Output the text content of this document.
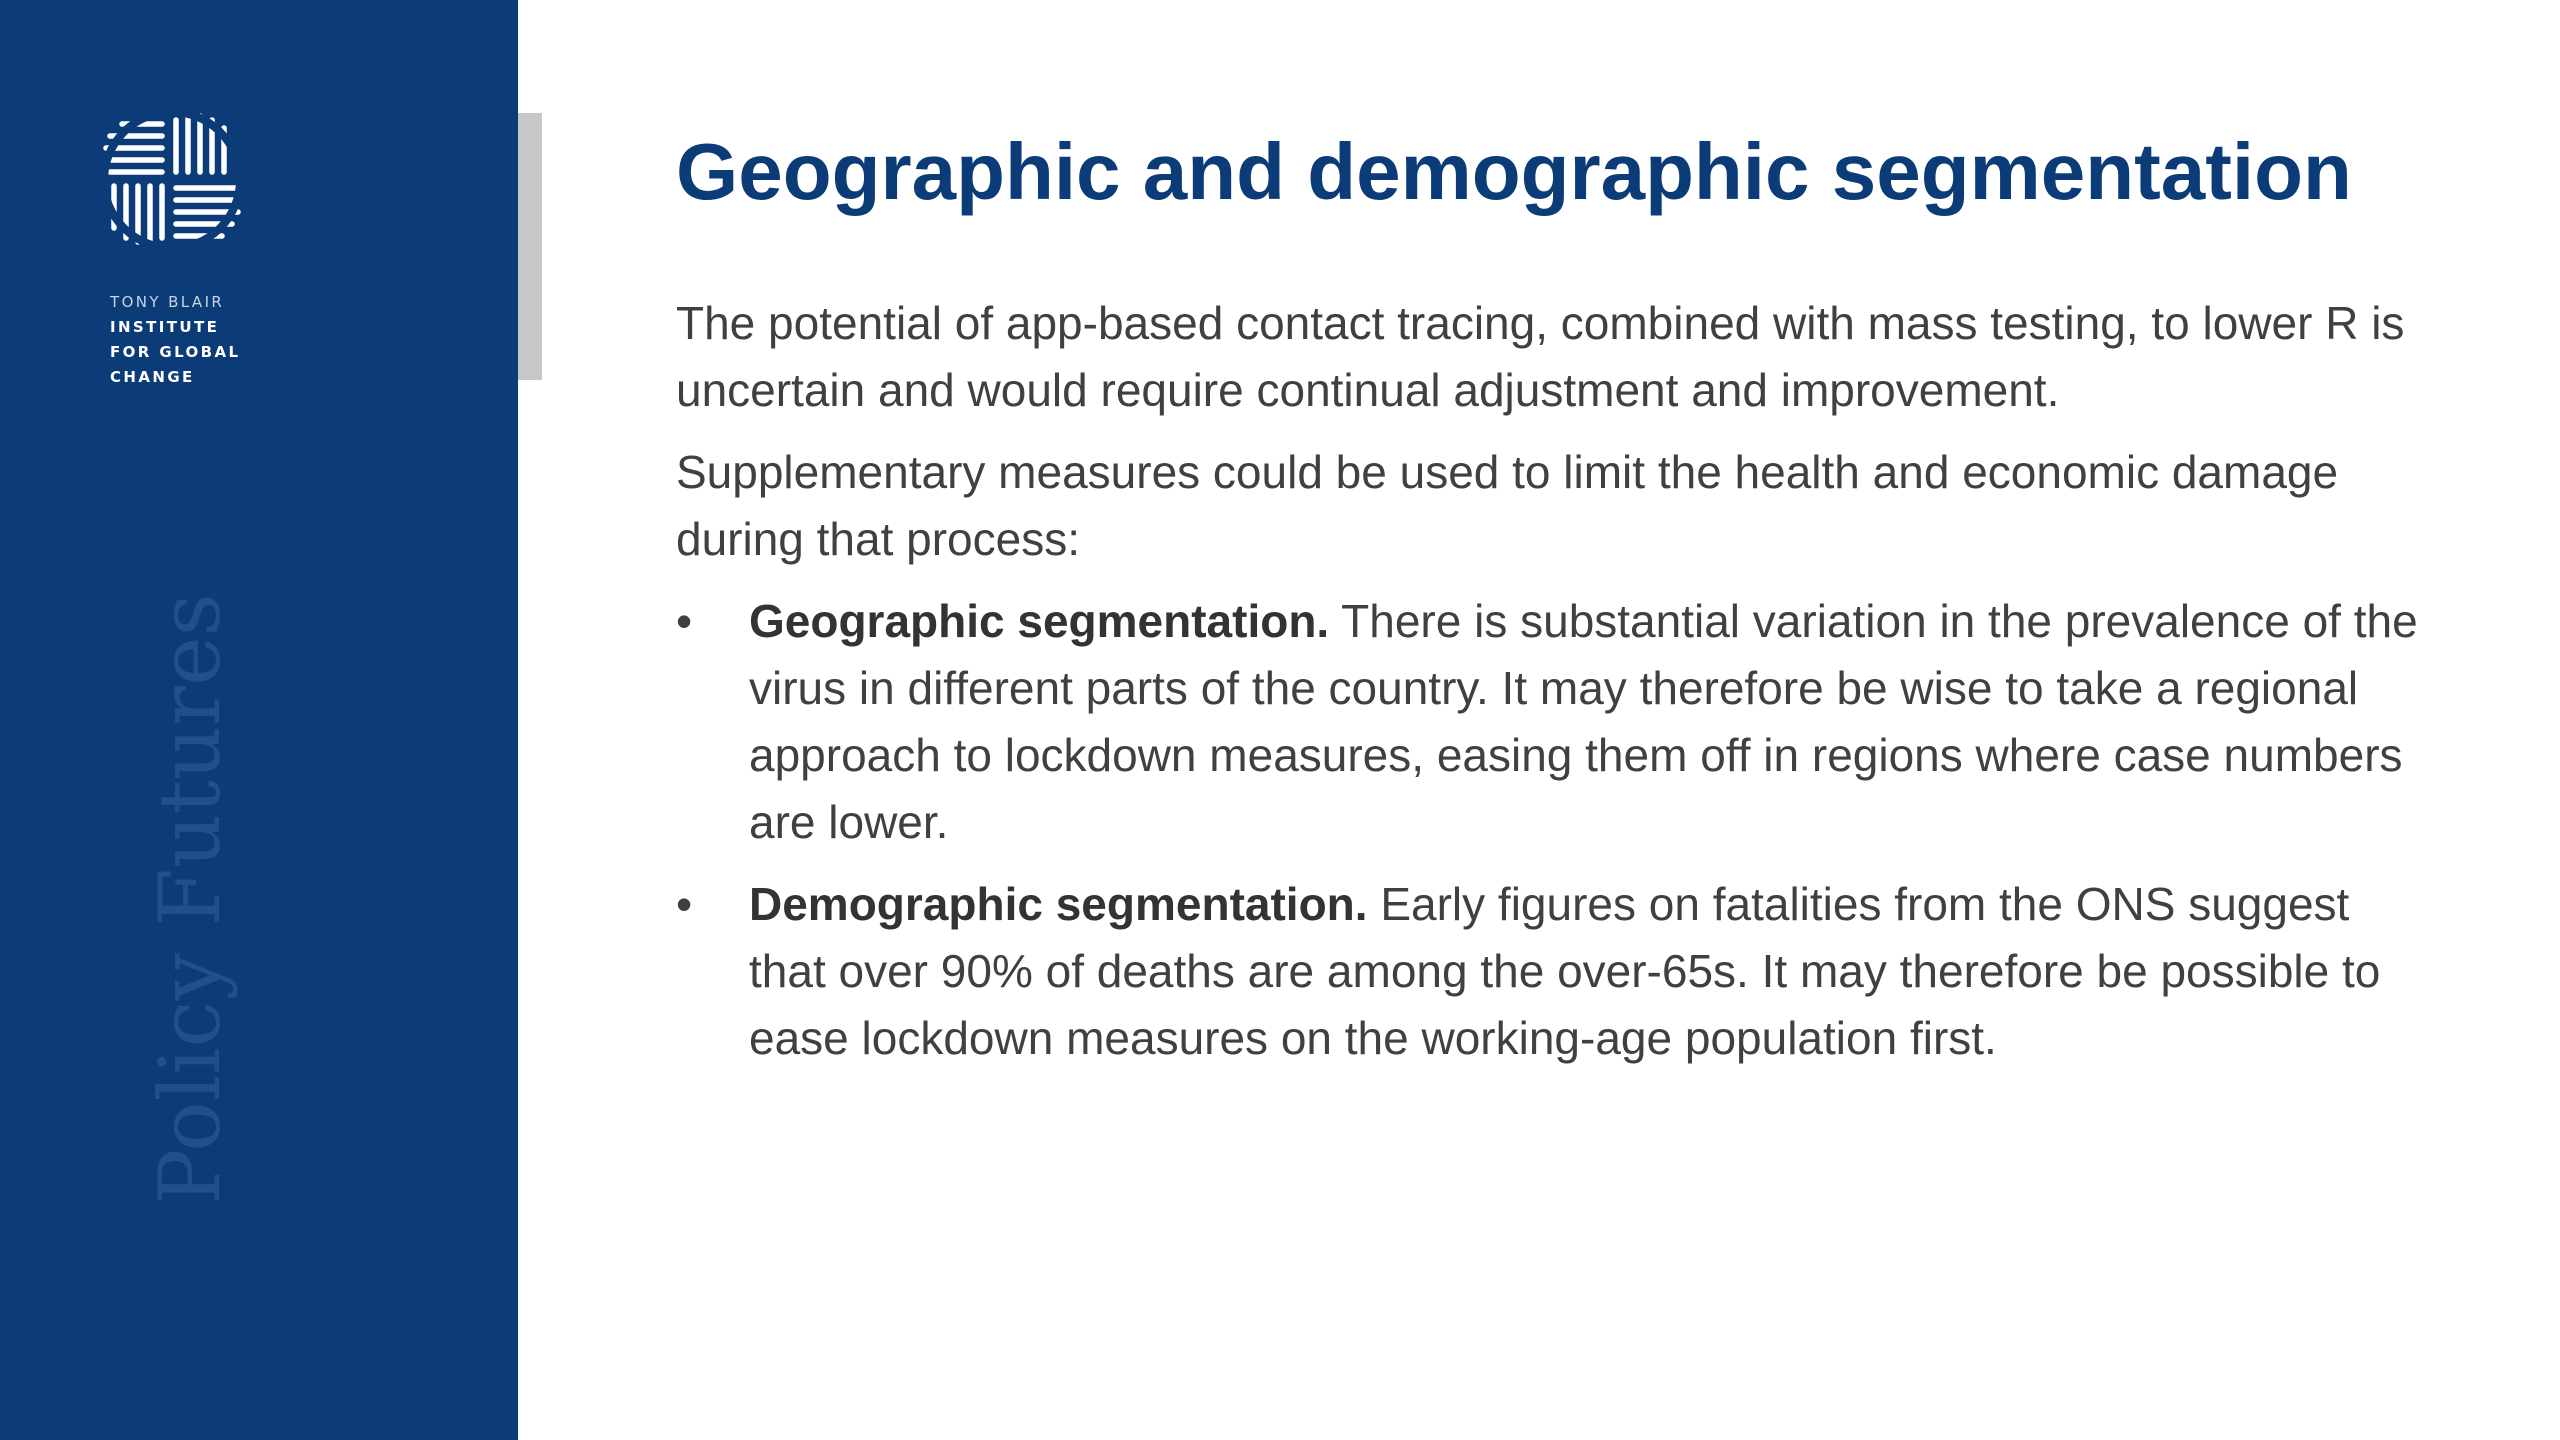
TONY BLAIR
INSTITUTE
FOR GLOBAL
CHANGE
Policy Futures
Geographic and demographic segmentation

The potential of app-based contact tracing, combined with mass testing, to lower R is uncertain and would require continual adjustment and improvement.

Supplementary measures could be used to limit the health and economic damage during that process:

•	Geographic segmentation. There is substantial variation in the prevalence of the virus in different parts of the country. It may therefore be wise to take a regional approach to lockdown measures, easing them off in regions where case numbers are lower.
•	Demographic segmentation. Early figures on fatalities from the ONS suggest that over 90% of deaths are among the over-65s. It may therefore be possible to ease lockdown measures on the working-age population first.
